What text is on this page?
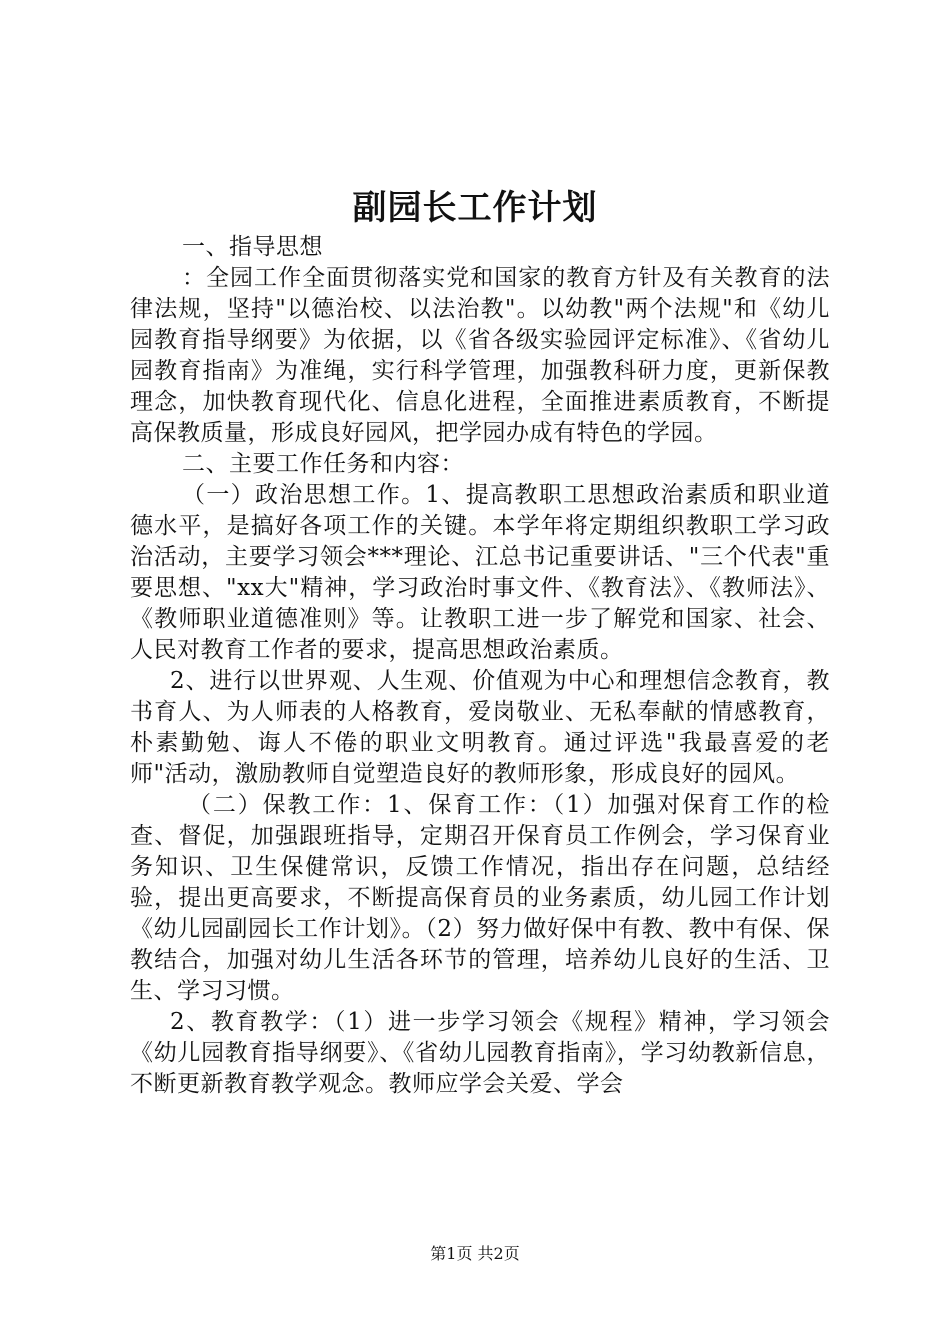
副园长工作计划

一、指导思想

：全园工作全面贯彻落实党和国家的教育方针及有关教育的法律法规，坚持"以德治校、以法治教"。以幼教"两个法规"和《幼儿园教育指导纲要》为依据，以《省各级实验园评定标准》、《省幼儿园教育指南》为准绳，实行科学管理，加强教科研力度，更新保教理念，加快教育现代化、信息化进程，全面推进素质教育，不断提高保教质量，形成良好园风，把学园办成有特色的学园。

二、主要工作任务和内容：

（一）政治思想工作。1、提高教职工思想政治素质和职业道德水平，是搞好各项工作的关键。本学年将定期组织教职工学习政治活动，主要学习领会***理论、江总书记重要讲话、"三个代表"重要思想、"xx大"精神，学习政治时事文件、《教育法》、《教师法》、《教师职业道德准则》等。让教职工进一步了解党和国家、社会、人民对教育工作者的要求，提高思想政治素质。

2、进行以世界观、人生观、价值观为中心和理想信念教育，教书育人、为人师表的人格教育，爱岗敬业、无私奉献的情感教育，朴素勤勉、诲人不倦的职业文明教育。通过评选"我最喜爱的老师"活动，激励教师自觉塑造良好的教师形象，形成良好的园风。

（二）保教工作：1、保育工作：（1）加强对保育工作的检查、督促，加强跟班指导，定期召开保育员工作例会，学习保育业务知识、卫生保健常识，反馈工作情况，指出存在问题，总结经验，提出更高要求，不断提高保育员的业务素质，幼儿园工作计划《幼儿园副园长工作计划》。（2）努力做好保中有教、教中有保、保教结合，加强对幼儿生活各环节的管理，培养幼儿良好的生活、卫生、学习习惯。

2、教育教学：（1）进一步学习领会《规程》精神，学习领会《幼儿园教育指导纲要》、《省幼儿园教育指南》，学习幼教新信息，不断更新教育教学观念。教师应学会关爱、学会

第1页 共2页
